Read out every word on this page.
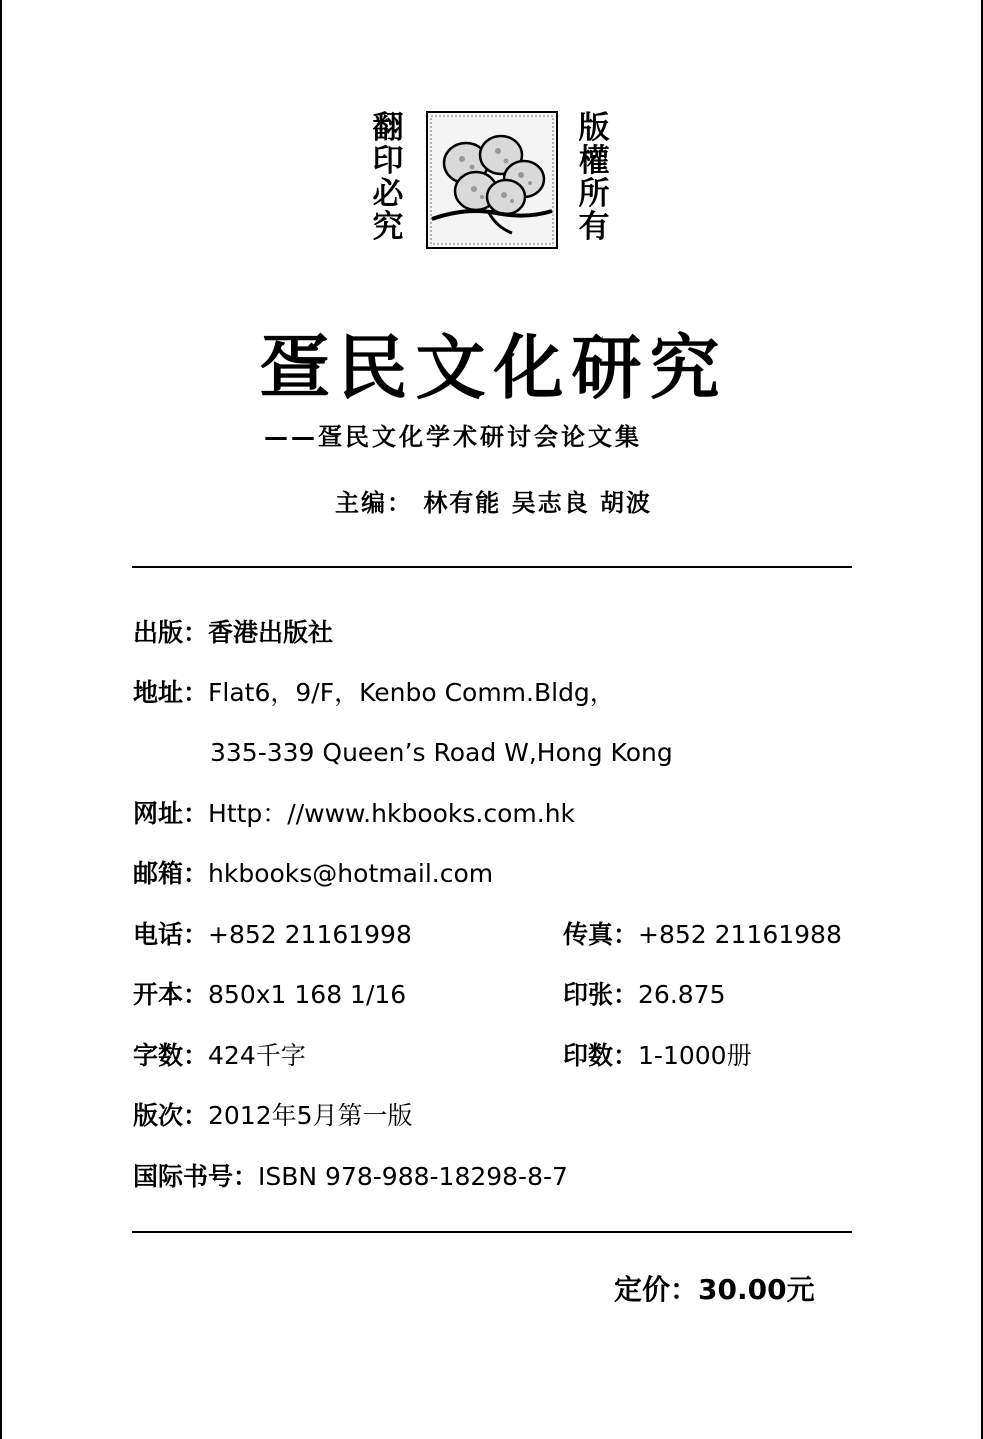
翻印必究
版權所有
疍民文化研究
——疍民文化学术研讨会论文集
主编： 林有能 吴志良 胡波
出版：香港出版社
地址：Flat6，9/F，Kenbo Comm.Bldg，
335-339 Queen’s Road W,Hong Kong
网址：Http：//www.hkbooks.com.hk
邮箱：hkbooks@hotmail.com
电话：+852 21161998	传真：+852 21161988
开本：850x1 168 1/16	印张：26.875
字数：424千字	印数：1-1000册
版次：2012年5月第一版
国际书号：ISBN 978-988-18298-8-7
定价：30.00元
